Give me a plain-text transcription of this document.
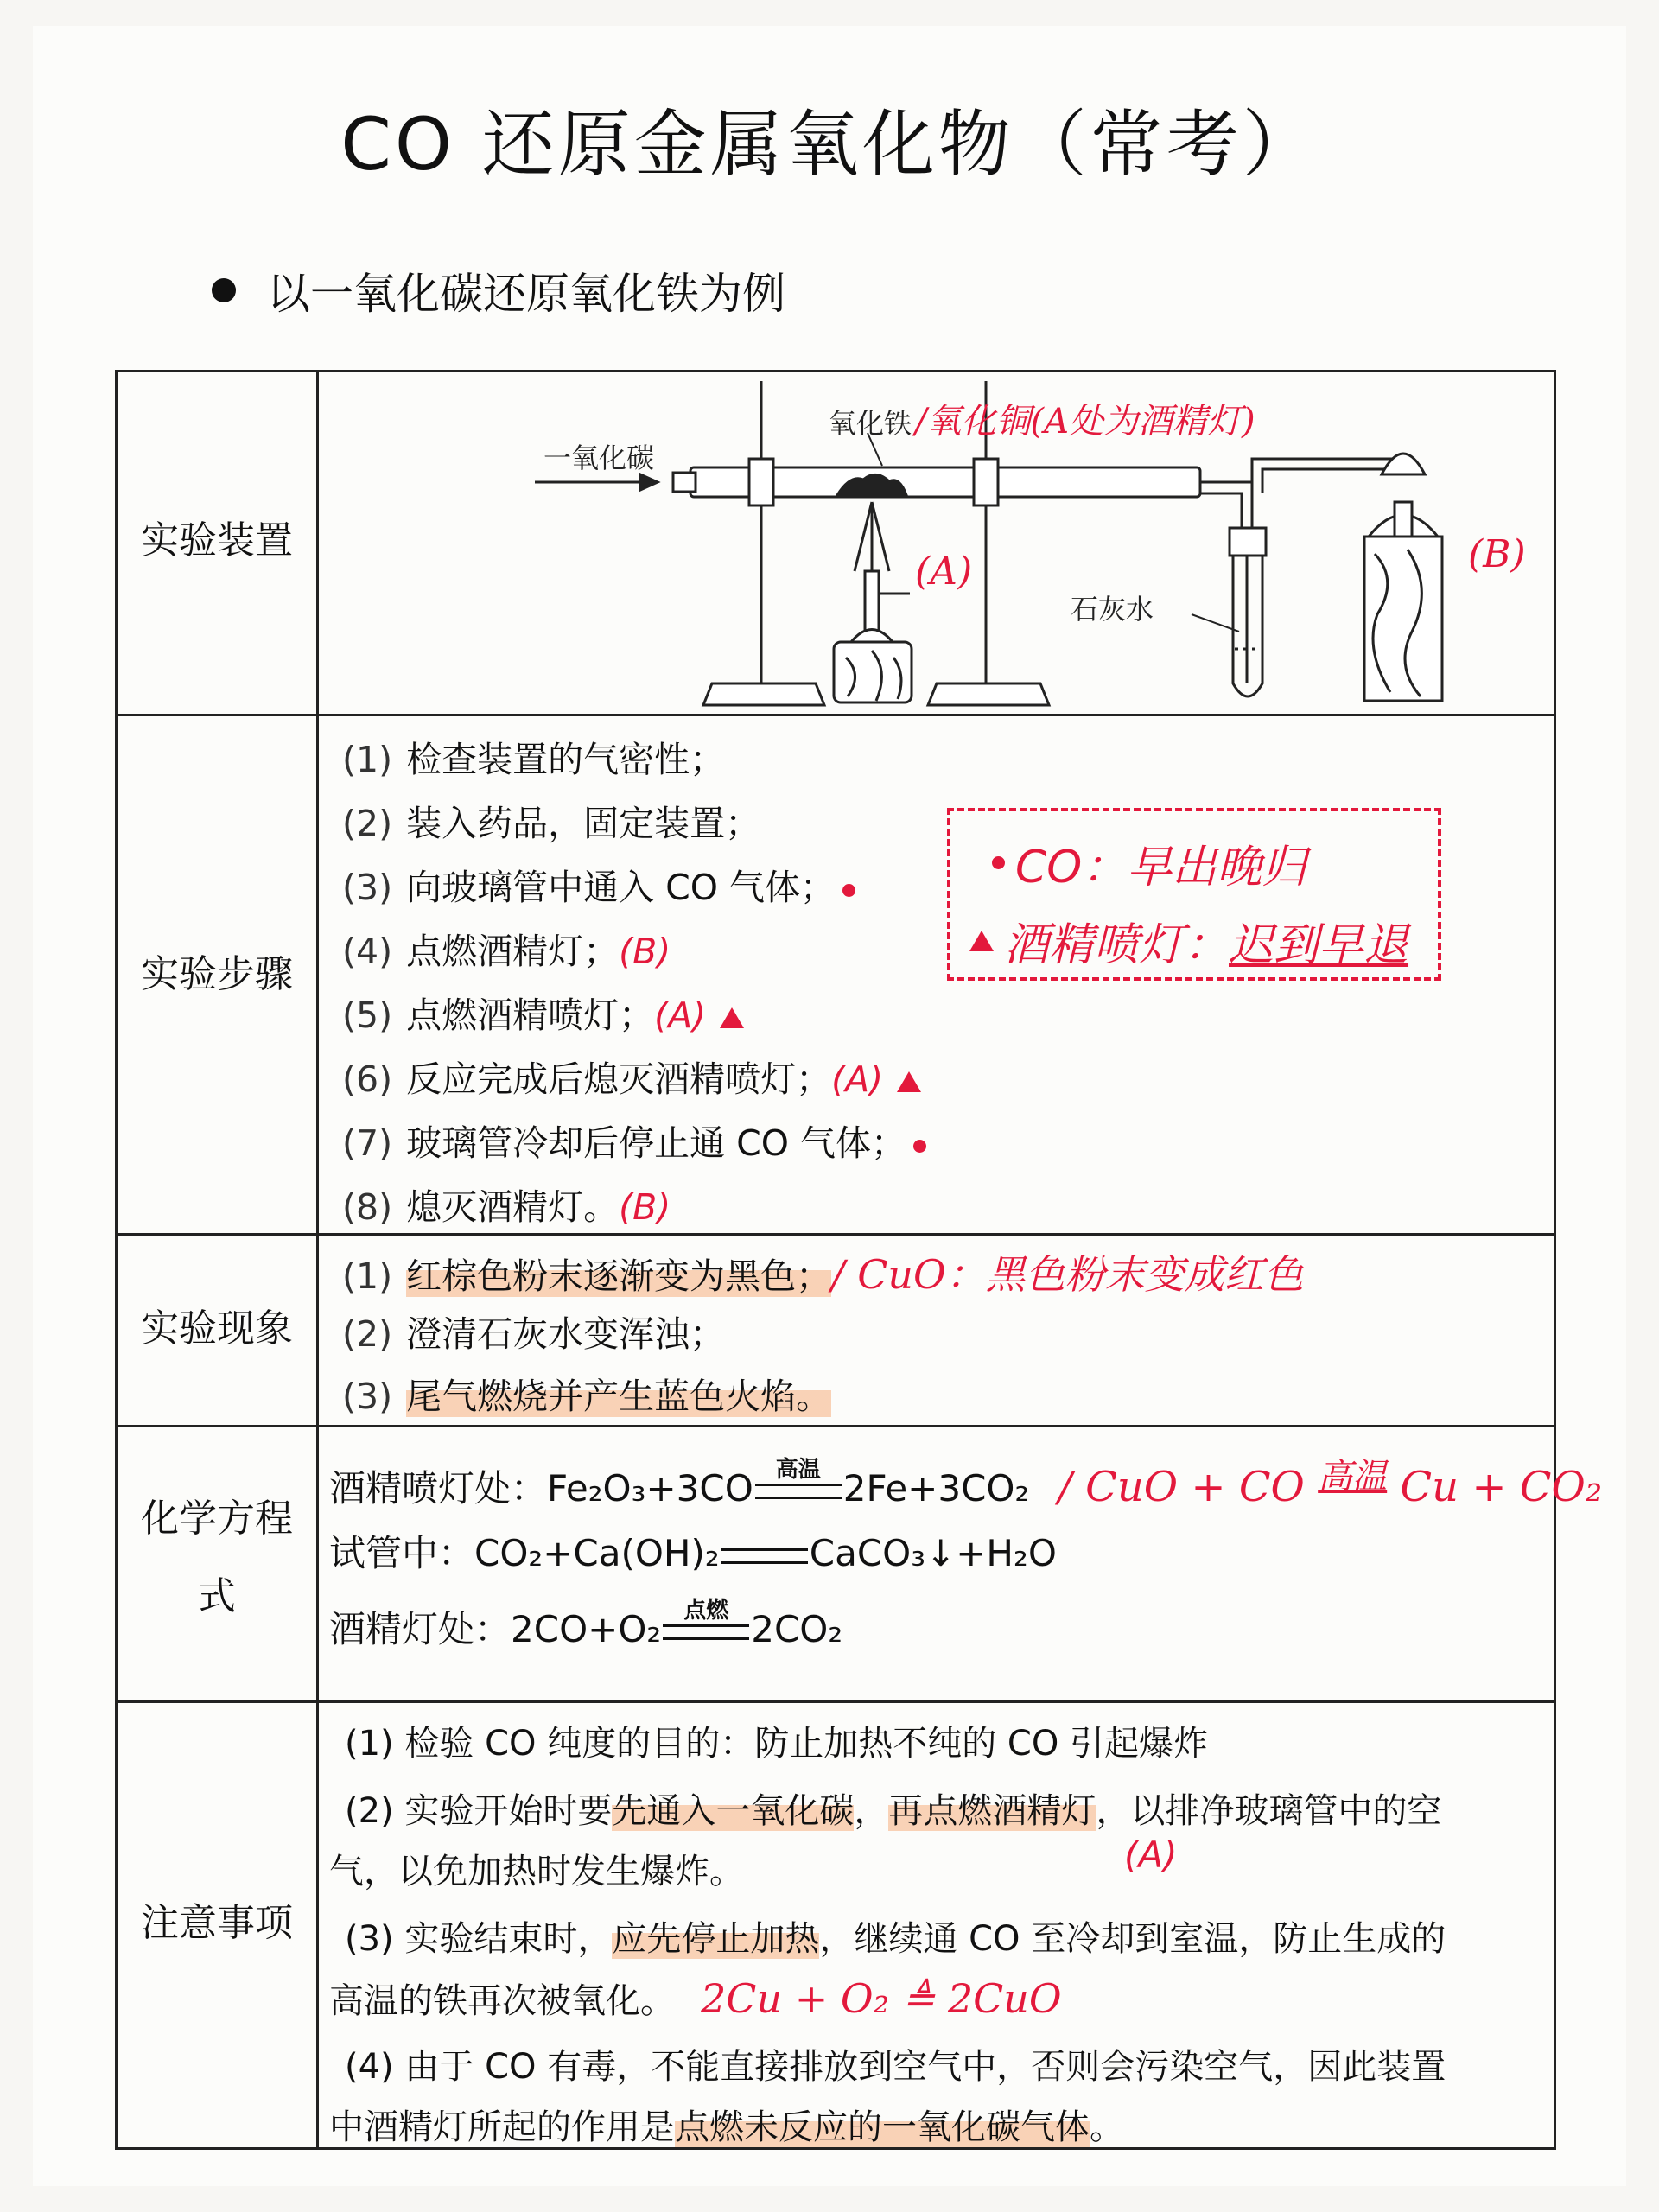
CO 还原金属氧化物（常考）
以一氧化碳还原氧化铁为例
实验装置
一氧化碳
氧化铁 /氧化铜(A处为酒精灯)
(A)	(B)
石灰水
实验步骤
(1) 检查装置的气密性；
(2) 装入药品，固定装置；
(3) 向玻璃管中通入 CO 气体；
(4) 点燃酒精灯；(B)
(5) 点燃酒精喷灯；(A)
(6) 反应完成后熄灭酒精喷灯；(A)
(7) 玻璃管冷却后停止通 CO 气体；
(8) 熄灭酒精灯。(B)
CO： 早出晚归
酒精喷灯： 迟到早退
实验现象
(1) 红棕色粉末逐渐变为黑色；/ CuO：黑色粉末变成红色
(2) 澄清石灰水变浑浊；
(3) 尾气燃烧并产生蓝色火焰。
化学方程
式
酒精喷灯处：Fe₂O₃+3CO 高温 2Fe+3CO₂ / CuO + CO 高温 Cu + CO₂
试管中：CO₂+Ca(OH)₂ CaCO₃↓+H₂O
酒精灯处：2CO+O₂ 点燃 2CO₂
注意事项
(1) 检验 CO 纯度的目的：防止加热不纯的 CO 引起爆炸
(2) 实验开始时要先通入一氧化碳，再点燃酒精灯，以排净玻璃管中的空
气，以免加热时发生爆炸。	(A)
(3) 实验结束时，应先停止加热，继续通 CO 至冷却到室温，防止生成的
高温的铁再次被氧化。 2Cu + O₂ ≜ 2CuO
(4) 由于 CO 有毒，不能直接排放到空气中，否则会污染空气，因此装置
中酒精灯所起的作用是点燃未反应的一氧化碳气体。
